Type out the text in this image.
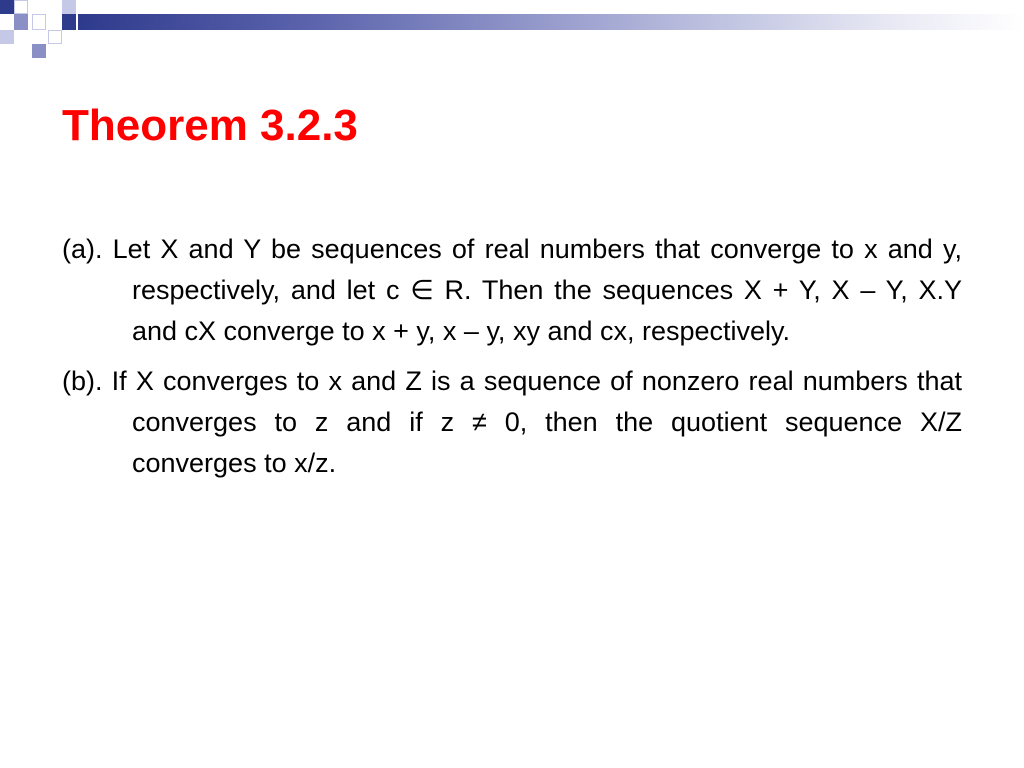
Theorem 3.2.3

(a). Let X and Y be sequences of real numbers that converge to x and y, respectively, and let c ∈ R. Then the sequences X + Y, X – Y, X.Y and cX converge to x + y, x – y, xy and cx, respectively.

(b). If X converges to x and Z is a sequence of nonzero real numbers that converges to z and if z ≠ 0, then the quotient sequence X/Z converges to x/z.
